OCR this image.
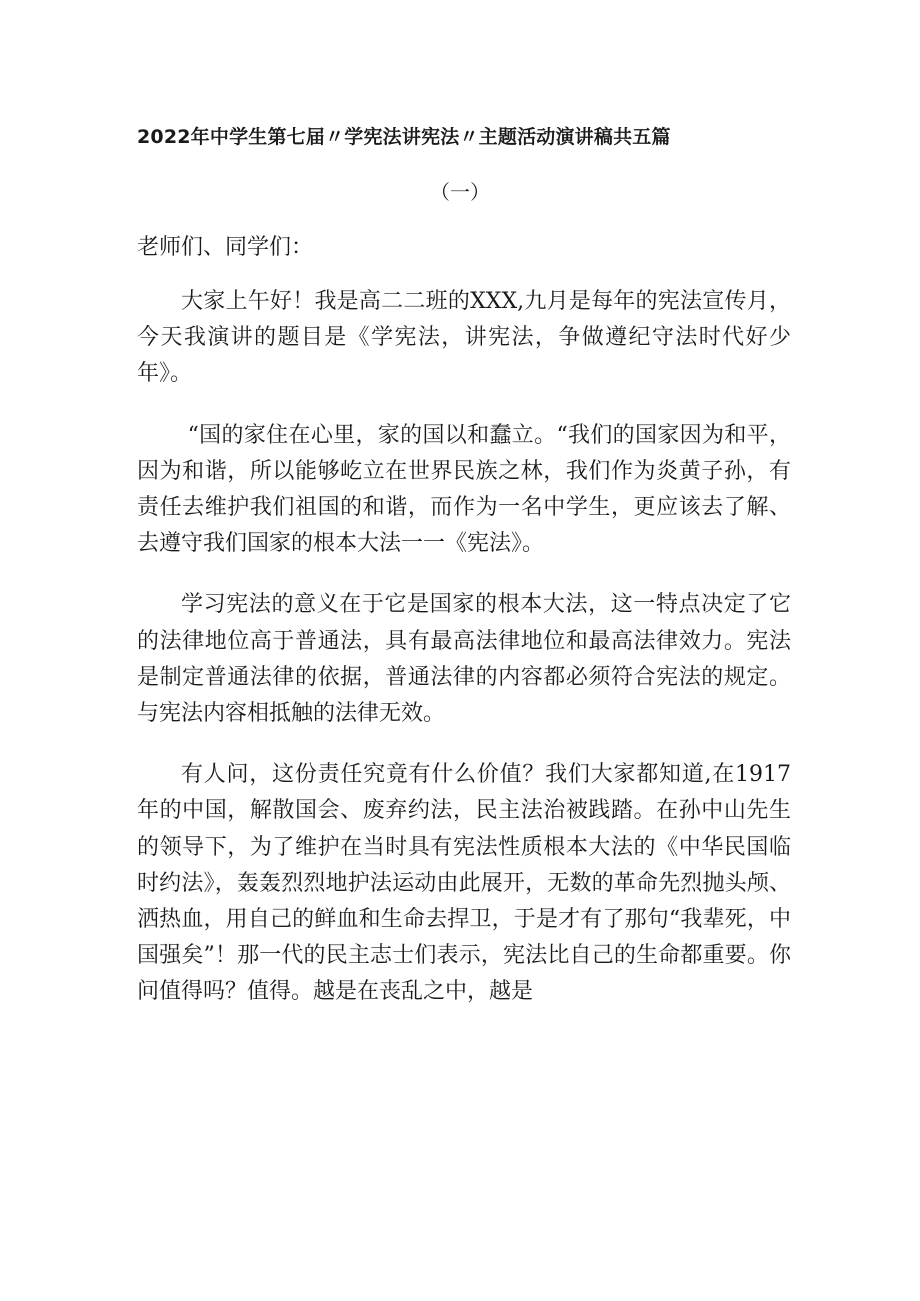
2022年中学生第七届〃学宪法讲宪法〃主题活动演讲稿共五篇
（一）
老师们、同学们：

大家上午好！我是高二二班的XXX,九月是每年的宪法宣传月，今天我演讲的题目是《学宪法，讲宪法，争做遵纪守法时代好少年》。

“国的家住在心里，家的国以和蠢立。“我们的国家因为和平，因为和谐，所以能够屹立在世界民族之林，我们作为炎黄子孙，有责任去维护我们祖国的和谐，而作为一名中学生，更应该去了解、去遵守我们国家的根本大法一一《宪法》。

学习宪法的意义在于它是国家的根本大法，这一特点决定了它的法律地位高于普通法，具有最高法律地位和最高法律效力。宪法是制定普通法律的依据，普通法律的内容都必须符合宪法的规定。与宪法内容相抵触的法律无效。

有人问，这份责任究竟有什么价值？我们大家都知道,在1917年的中国，解散国会、废弃约法，民主法治被践踏。在孙中山先生的领导下，为了维护在当时具有宪法性质根本大法的《中华民国临时约法》，轰轰烈烈地护法运动由此展开，无数的革命先烈抛头颅、洒热血，用自己的鲜血和生命去捍卫，于是才有了那句“我辈死，中国强矣”！那一代的民主志士们表示，宪法比自己的生命都重要。你问值得吗？值得。越是在丧乱之中，越是
